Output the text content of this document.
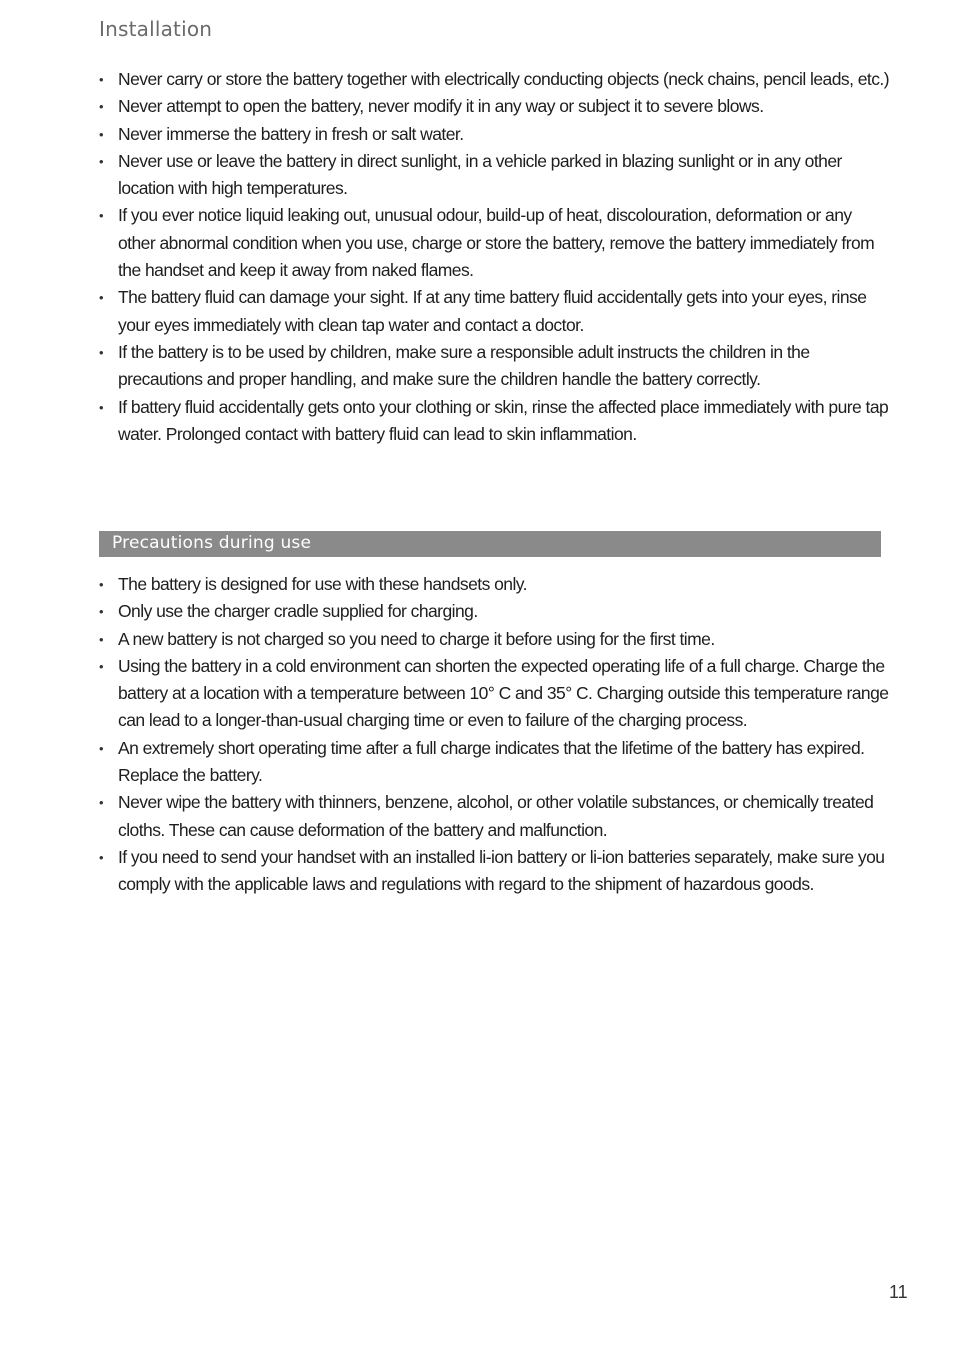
Installation
• Never carry or store the battery together with electrically conducting objects (neck chains, pencil leads, etc.)
• Never attempt to open the battery, never modify it in any way or subject it to severe blows.
• Never immerse the battery in fresh or salt water.
• Never use or leave the battery in direct sunlight, in a vehicle parked in blazing sunlight or in any other location with high temperatures.
• If you ever notice liquid leaking out, unusual odour, build-up of heat, discolouration, deformation or any other abnormal condition when you use, charge or store the battery, remove the battery immediately from the handset and keep it away from naked flames.
• The battery fluid can damage your sight. If at any time battery fluid accidentally gets into your eyes, rinse your eyes immediately with clean tap water and contact a doctor.
• If the battery is to be used by children, make sure a responsible adult instructs the children in the precautions and proper handling, and make sure the children handle the battery correctly.
• If battery fluid accidentally gets onto your clothing or skin, rinse the affected place immediately with pure tap water. Prolonged contact with battery fluid can lead to skin inflammation.
Precautions during use
• The battery is designed for use with these handsets only.
• Only use the charger cradle supplied for charging.
• A new battery is not charged so you need to charge it before using for the first time.
• Using the battery in a cold environment can shorten the expected operating life of a full charge. Charge the battery at a location with a temperature between 10° C and 35° C. Charging outside this temperature range can lead to a longer-than-usual charging time or even to failure of the charging process.
• An extremely short operating time after a full charge indicates that the lifetime of the battery has expired. Replace the battery.
• Never wipe the battery with thinners, benzene, alcohol, or other volatile substances, or chemically treated cloths. These can cause deformation of the battery and malfunction.
• If you need to send your handset with an installed li-ion battery or li-ion batteries separately, make sure you comply with the applicable laws and regulations with regard to the shipment of hazardous goods.
11
